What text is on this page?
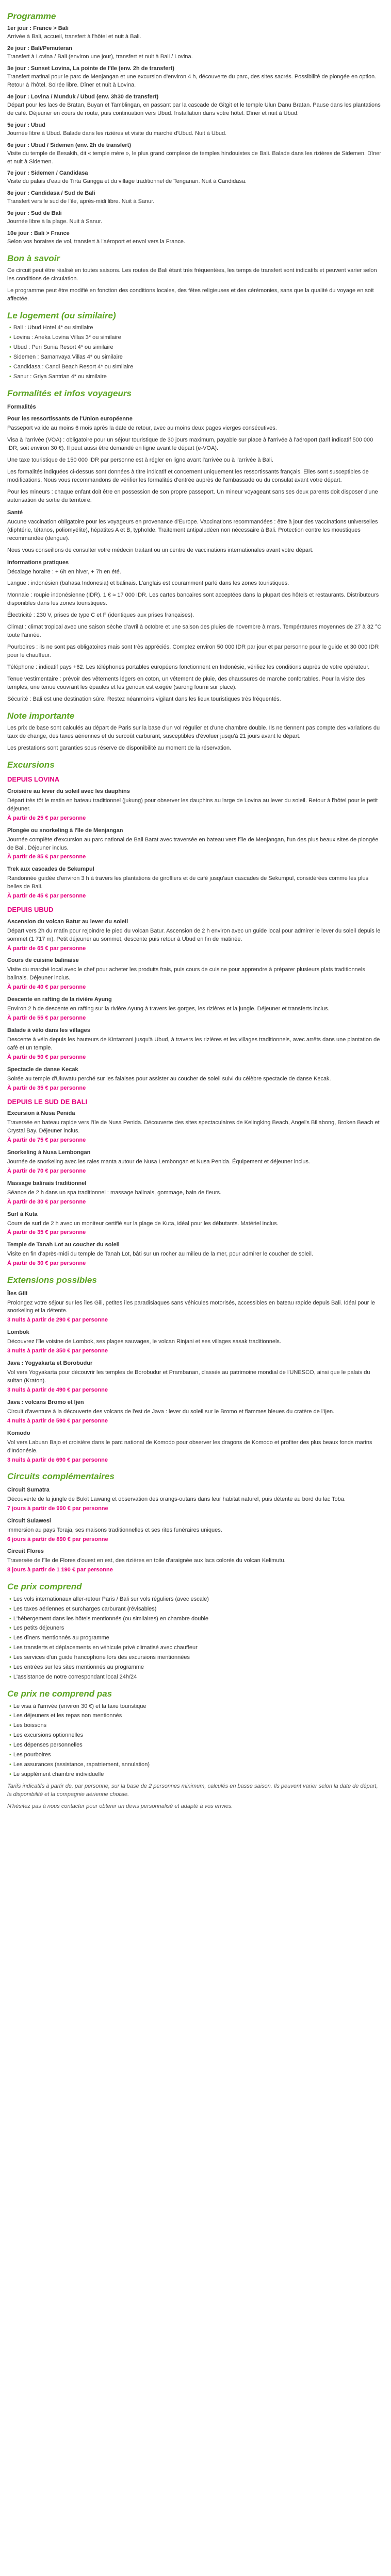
Programme
1er jour : France > Bali
Arrivée à Bali, accueil, transfert à l'hôtel et nuit à Bali.
2e jour : Bali/Pemuteran
Transfert à Lovina / Bali (environ une jour), transfert et nuit à Bali / Lovina.
3e jour : Sunset Lovina, La pointe de l'île (env. 2h de transfert)
Transfert matinal pour le parc de Menjangan et une excursion d'environ 4 h, découverte du parc, des sites sacrés. Possibilité de plongée en option. Retour à l'hôtel. Soirée libre. Dîner et nuit à Lovina.
4e jour : Lovina / Munduk / Ubud (env. 3h30 de transfert)
Départ pour les lacs de Bratan, Buyan et Tamblingan, en passant par la cascade de Gitgit et le temple Ulun Danu Bratan. Pause dans les plantations de café. Déjeuner en cours de route, puis continuation vers Ubud. Installation dans votre hôtel. Dîner et nuit à Ubud.
5e jour : Ubud
Journée libre à Ubud. Balade dans les rizières et visite du marché d'Ubud. Nuit à Ubud.
6e jour : Ubud / Sidemen (env. 2h de transfert)
Visite du temple de Besakih, dit « temple mère », le plus grand complexe de temples hindouistes de Bali. Balade dans les rizières de Sidemen. Dîner et nuit à Sidemen.
7e jour : Sidemen / Candidasa
Visite du palais d'eau de Tirta Gangga et du village traditionnel de Tenganan. Nuit à Candidasa.
8e jour : Candidasa / Sud de Bali
Transfert vers le sud de l'île, après-midi libre. Nuit à Sanur.
9e jour : Sud de Bali
Journée libre à la plage. Nuit à Sanur.
10e jour : Bali > France
Selon vos horaires de vol, transfert à l'aéroport et envol vers la France.
Bon à savoir
Ce circuit peut être réalisé en toutes saisons. Les routes de Bali étant très fréquentées, les temps de transfert sont indicatifs et peuvent varier selon les conditions de circulation.
Le programme peut être modifié en fonction des conditions locales, des fêtes religieuses et des cérémonies, sans que la qualité du voyage en soit affectée.
Le logement (ou similaire)
• Bali : Ubud Hotel 4* ou similaire
• Lovina : Aneka Lovina Villas 3* ou similaire
• Ubud : Puri Sunia Resort 4* ou similaire
• Sidemen : Samanvaya Villas 4* ou similaire
• Candidasa : Candi Beach Resort 4* ou similaire
• Sanur : Griya Santrian 4* ou similaire
Formalités et infos voyageurs
Formalités
Pour les ressortissants de l'Union européenne
Passeport valide au moins 6 mois après la date de retour, avec au moins deux pages vierges consécutives.
Visa à l'arrivée (VOA) : obligatoire pour un séjour touristique de 30 jours maximum, payable sur place à l'arrivée à l'aéroport (tarif indicatif 500 000 IDR, soit environ 30 €). Il peut aussi être demandé en ligne avant le départ (e-VOA).
Une taxe touristique de 150 000 IDR par personne est à régler en ligne avant l'arrivée ou à l'arrivée à Bali.
Les formalités indiquées ci-dessus sont données à titre indicatif et concernent uniquement les ressortissants français. Elles sont susceptibles de modifications. Nous vous recommandons de vérifier les formalités d'entrée auprès de l'ambassade ou du consulat avant votre départ.
Pour les mineurs : chaque enfant doit être en possession de son propre passeport. Un mineur voyageant sans ses deux parents doit disposer d'une autorisation de sortie du territoire.
Santé
Aucune vaccination obligatoire pour les voyageurs en provenance d'Europe. Vaccinations recommandées : être à jour des vaccinations universelles (diphtérie, tétanos, poliomyélite), hépatites A et B, typhoïde. Traitement antipaludéen non nécessaire à Bali. Protection contre les moustiques recommandée (dengue).
Nous vous conseillons de consulter votre médecin traitant ou un centre de vaccinations internationales avant votre départ.
Informations pratiques
Décalage horaire : + 6h en hiver, + 7h en été.
Langue : indonésien (bahasa Indonesia) et balinais. L'anglais est couramment parlé dans les zones touristiques.
Monnaie : roupie indonésienne (IDR). 1 € ≈ 17 000 IDR. Les cartes bancaires sont acceptées dans la plupart des hôtels et restaurants. Distributeurs disponibles dans les zones touristiques.
Électricité : 230 V, prises de type C et F (identiques aux prises françaises).
Climat : climat tropical avec une saison sèche d'avril à octobre et une saison des pluies de novembre à mars. Températures moyennes de 27 à 32 °C toute l'année.
Pourboires : ils ne sont pas obligatoires mais sont très appréciés. Comptez environ 50 000 IDR par jour et par personne pour le guide et 30 000 IDR pour le chauffeur.
Téléphone : indicatif pays +62. Les téléphones portables européens fonctionnent en Indonésie, vérifiez les conditions auprès de votre opérateur.
Tenue vestimentaire : prévoir des vêtements légers en coton, un vêtement de pluie, des chaussures de marche confortables. Pour la visite des temples, une tenue couvrant les épaules et les genoux est exigée (sarong fourni sur place).
Sécurité : Bali est une destination sûre. Restez néanmoins vigilant dans les lieux touristiques très fréquentés.
Note importante
Les prix de base sont calculés au départ de Paris sur la base d'un vol régulier et d'une chambre double. Ils ne tiennent pas compte des variations du taux de change, des taxes aériennes et du surcoût carburant, susceptibles d'évoluer jusqu'à 21 jours avant le départ.
Les prestations sont garanties sous réserve de disponibilité au moment de la réservation.
Excursions
DEPUIS LOVINA
Croisière au lever du soleil avec les dauphins
Départ très tôt le matin en bateau traditionnel (jukung) pour observer les dauphins au large de Lovina au lever du soleil. Retour à l'hôtel pour le petit déjeuner.
À partir de 25 € par personne
Plongée ou snorkeling à l'île de Menjangan
Journée complète d'excursion au parc national de Bali Barat avec traversée en bateau vers l'île de Menjangan, l'un des plus beaux sites de plongée de Bali. Déjeuner inclus.
À partir de 85 € par personne
Trek aux cascades de Sekumpul
Randonnée guidée d'environ 3 h à travers les plantations de girofliers et de café jusqu'aux cascades de Sekumpul, considérées comme les plus belles de Bali.
À partir de 45 € par personne
DEPUIS UBUD
Ascension du volcan Batur au lever du soleil
Départ vers 2h du matin pour rejoindre le pied du volcan Batur. Ascension de 2 h environ avec un guide local pour admirer le lever du soleil depuis le sommet (1 717 m). Petit déjeuner au sommet, descente puis retour à Ubud en fin de matinée.
À partir de 65 € par personne
Cours de cuisine balinaise
Visite du marché local avec le chef pour acheter les produits frais, puis cours de cuisine pour apprendre à préparer plusieurs plats traditionnels balinais. Déjeuner inclus.
À partir de 40 € par personne
Descente en rafting de la rivière Ayung
Environ 2 h de descente en rafting sur la rivière Ayung à travers les gorges, les rizières et la jungle. Déjeuner et transferts inclus.
À partir de 55 € par personne
Balade à vélo dans les villages
Descente à vélo depuis les hauteurs de Kintamani jusqu'à Ubud, à travers les rizières et les villages traditionnels, avec arrêts dans une plantation de café et un temple.
À partir de 50 € par personne
Spectacle de danse Kecak
Soirée au temple d'Uluwatu perché sur les falaises pour assister au coucher de soleil suivi du célèbre spectacle de danse Kecak.
À partir de 35 € par personne
DEPUIS LE SUD DE BALI
Excursion à Nusa Penida
Traversée en bateau rapide vers l'île de Nusa Penida. Découverte des sites spectaculaires de Kelingking Beach, Angel's Billabong, Broken Beach et Crystal Bay. Déjeuner inclus.
À partir de 75 € par personne
Snorkeling à Nusa Lembongan
Journée de snorkeling avec les raies manta autour de Nusa Lembongan et Nusa Penida. Équipement et déjeuner inclus.
À partir de 70 € par personne
Massage balinais traditionnel
Séance de 2 h dans un spa traditionnel : massage balinais, gommage, bain de fleurs.
À partir de 30 € par personne
Surf à Kuta
Cours de surf de 2 h avec un moniteur certifié sur la plage de Kuta, idéal pour les débutants. Matériel inclus.
À partir de 35 € par personne
Temple de Tanah Lot au coucher du soleil
Visite en fin d'après-midi du temple de Tanah Lot, bâti sur un rocher au milieu de la mer, pour admirer le coucher de soleil.
À partir de 30 € par personne
Extensions possibles
Îles Gili
Prolongez votre séjour sur les îles Gili, petites îles paradisiaques sans véhicules motorisés, accessibles en bateau rapide depuis Bali. Idéal pour le snorkeling et la détente.
3 nuits à partir de 290 € par personne
Lombok
Découvrez l'île voisine de Lombok, ses plages sauvages, le volcan Rinjani et ses villages sasak traditionnels.
3 nuits à partir de 350 € par personne
Java : Yogyakarta et Borobudur
Vol vers Yogyakarta pour découvrir les temples de Borobudur et Prambanan, classés au patrimoine mondial de l'UNESCO, ainsi que le palais du sultan (Kraton).
3 nuits à partir de 490 € par personne
Java : volcans Bromo et Ijen
Circuit d'aventure à la découverte des volcans de l'est de Java : lever du soleil sur le Bromo et flammes bleues du cratère de l'Ijen.
4 nuits à partir de 590 € par personne
Komodo
Vol vers Labuan Bajo et croisière dans le parc national de Komodo pour observer les dragons de Komodo et profiter des plus beaux fonds marins d'Indonésie.
3 nuits à partir de 690 € par personne
Circuits complémentaires
Circuit Sumatra
Découverte de la jungle de Bukit Lawang et observation des orangs-outans dans leur habitat naturel, puis détente au bord du lac Toba.
7 jours à partir de 990 € par personne
Circuit Sulawesi
Immersion au pays Toraja, ses maisons traditionnelles et ses rites funéraires uniques.
6 jours à partir de 890 € par personne
Circuit Flores
Traversée de l'île de Flores d'ouest en est, des rizières en toile d'araignée aux lacs colorés du volcan Kelimutu.
8 jours à partir de 1 190 € par personne
Ce prix comprend
• Les vols internationaux aller-retour Paris / Bali sur vols réguliers (avec escale)
• Les taxes aériennes et surcharges carburant (révisables)
• L'hébergement dans les hôtels mentionnés (ou similaires) en chambre double
• Les petits déjeuners
• Les dîners mentionnés au programme
• Les transferts et déplacements en véhicule privé climatisé avec chauffeur
• Les services d'un guide francophone lors des excursions mentionnées
• Les entrées sur les sites mentionnés au programme
• L'assistance de notre correspondant local 24h/24
Ce prix ne comprend pas
• Le visa à l'arrivée (environ 30 €) et la taxe touristique
• Les déjeuners et les repas non mentionnés
• Les boissons
• Les excursions optionnelles
• Les dépenses personnelles
• Les pourboires
• Les assurances (assistance, rapatriement, annulation)
• Le supplément chambre individuelle
Tarifs indicatifs à partir de, par personne, sur la base de 2 personnes minimum, calculés en basse saison. Ils peuvent varier selon la date de départ, la disponibilité et la compagnie aérienne choisie.
N'hésitez pas à nous contacter pour obtenir un devis personnalisé et adapté à vos envies.
